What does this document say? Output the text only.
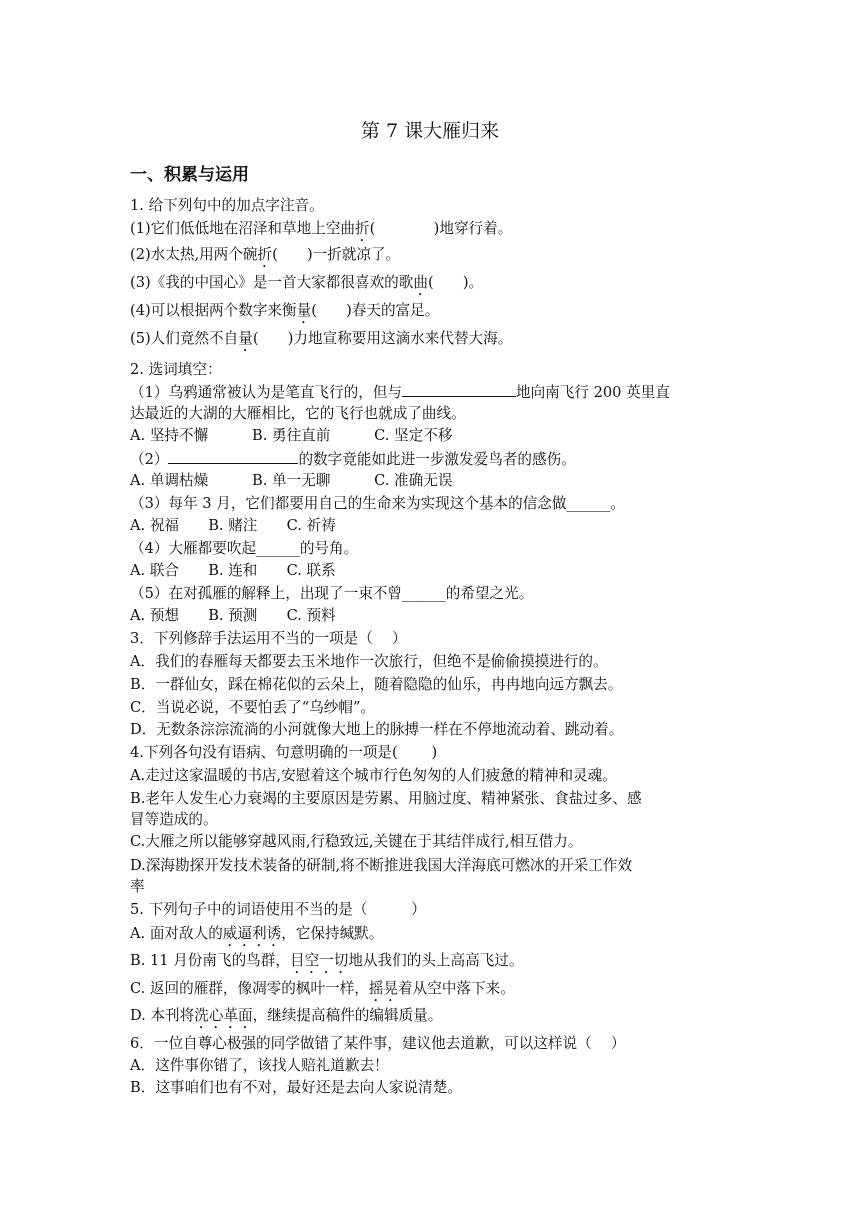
第 7 课大雁归来
一、积累与运用
1. 给下列句中的加点字注音。
(1)它们低低地在沼泽和草地上空曲折(　　　　)地穿行着。
(2)水太热,用两个碗折(　　)一折就凉了。
(3)《我的中国心》是一首大家都很喜欢的歌曲(　　)。
(4)可以根据两个数字来衡量(　　)春天的富足。
(5)人们竟然不自量(　　)力地宣称要用这滴水来代替大海。
2. 选词填空：
（1）乌鸦通常被认为是笔直飞行的，但与	地向南飞行 200 英里直
达最近的大湖的大雁相比，它的飞行也就成了曲线。
A. 坚持不懈　　　B. 勇往直前　　　C. 坚定不移
（2）	的数字竟能如此进一步激发爱鸟者的感伤。
A. 单调枯燥　　　B. 单一无聊　　　C. 准确无误
（3）每年 3 月，它们都要用自己的生命来为实现这个基本的信念做______。
A. 祝福　　B. 赌注　　C. 祈祷
（4）大雁都要吹起______的号角。
A. 联合　　B. 连和　　C. 联系
（5）在对孤雁的解释上，出现了一束不曾______的希望之光。
A. 预想　　B. 预测　　C. 预料
3．下列修辞手法运用不当的一项是（　 ）
A．我们的春雁每天都要去玉米地作一次旅行，但绝不是偷偷摸摸进行的。
B．一群仙女，踩在棉花似的云朵上，随着隐隐的仙乐，冉冉地向远方飘去。
C．当说必说，不要怕丢了“乌纱帽”。
D．无数条淙淙流淌的小河就像大地上的脉搏一样在不停地流动着、跳动着。
4.下列各句没有语病、句意明确的一项是(　 　)
A.走过这家温暖的书店,安慰着这个城市行色匆匆的人们疲惫的精神和灵魂。
B.老年人发生心力衰竭的主要原因是劳累、用脑过度、精神紧张、食盐过多、感
冒等造成的。
C.大雁之所以能够穿越风雨,行稳致远,关键在于其结伴成行,相互借力。
D.深海勘探开发技术装备的研制,将不断推进我国大洋海底可燃冰的开采工作效
率
5. 下列句子中的词语使用不当的是（　　　）
A. 面对敌人的威逼利诱，它保持缄默。
B. 11 月份南飞的鸟群，目空一切地从我们的头上高高飞过。
C. 返回的雁群，像凋零的枫叶一样，摇晃着从空中落下来。
D. 本刊将洗心革面，继续提高稿件的编辑质量。
6．一位自尊心极强的同学做错了某件事，建议他去道歉，可以这样说（　 ）
A．这件事你错了，该找人赔礼道歉去！
B．这事咱们也有不对，最好还是去向人家说清楚。
